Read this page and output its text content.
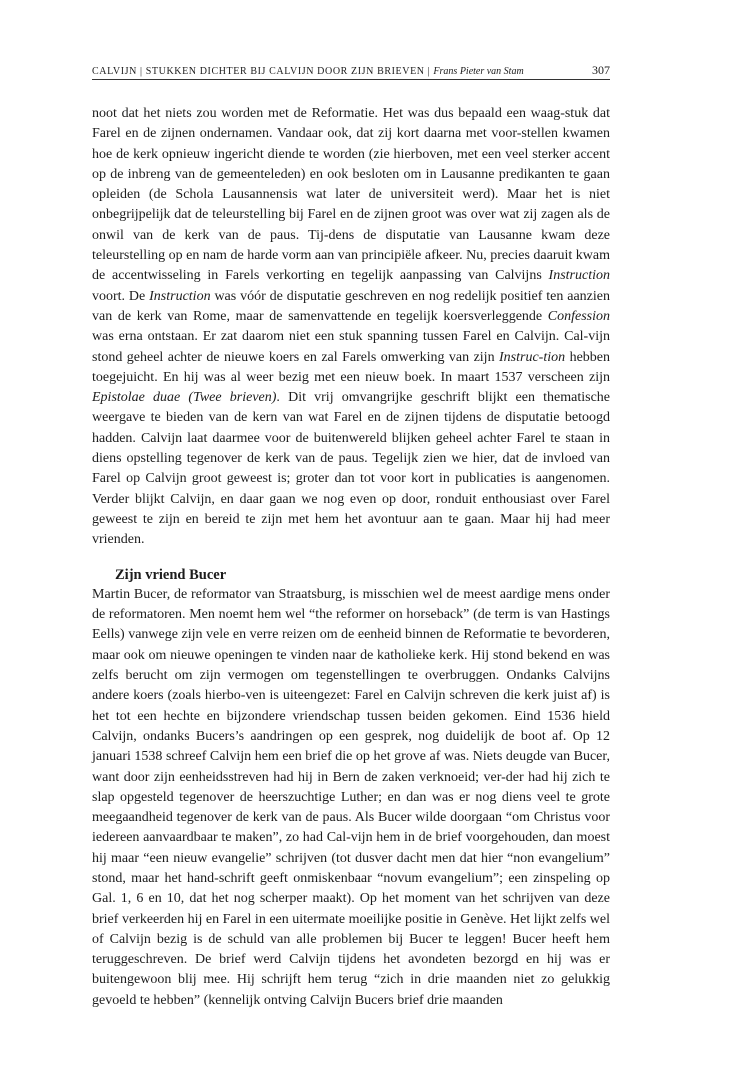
CALVIJN | STUKKEN DICHTER BIJ CALVIJN DOOR ZIJN BRIEVEN | Frans Pieter van Stam	307

noot dat het niets zou worden met de Reformatie. Het was dus bepaald een waag-stuk dat Farel en de zijnen ondernamen. Vandaar ook, dat zij kort daarna met voor-stellen kwamen hoe de kerk opnieuw ingericht diende te worden (zie hierboven, met een veel sterker accent op de inbreng van de gemeenteleden) en ook besloten om in Lausanne predikanten te gaan opleiden (de Schola Lausannensis wat later de universiteit werd). Maar het is niet onbegrijpelijk dat de teleurstelling bij Farel en de zijnen groot was over wat zij zagen als de onwil van de kerk van de paus. Tij-dens de disputatie van Lausanne kwam deze teleurstelling op en nam de harde vorm aan van principiële afkeer. Nu, precies daaruit kwam de accentwisseling in Farels verkorting en tegelijk aanpassing van Calvijns Instruction voort. De Instruction was vóór de disputatie geschreven en nog redelijk positief ten aanzien van de kerk van Rome, maar de samenvattende en tegelijk koersverleggende Confession was erna ontstaan. Er zat daarom niet een stuk spanning tussen Farel en Calvijn. Cal-vijn stond geheel achter de nieuwe koers en zal Farels omwerking van zijn Instruc-tion hebben toegejuicht. En hij was al weer bezig met een nieuw boek. In maart 1537 verscheen zijn Epistolae duae (Twee brieven). Dit vrij omvangrijke geschrift blijkt een thematische weergave te bieden van de kern van wat Farel en de zijnen tijdens de disputatie betoogd hadden. Calvijn laat daarmee voor de buitenwereld blijken geheel achter Farel te staan in diens opstelling tegenover de kerk van de paus. Tegelijk zien we hier, dat de invloed van Farel op Calvijn groot geweest is; groter dan tot voor kort in publicaties is aangenomen. Verder blijkt Calvijn, en daar gaan we nog even op door, ronduit enthousiast over Farel geweest te zijn en bereid te zijn met hem het avontuur aan te gaan. Maar hij had meer vrienden.

Zijn vriend Bucer

Martin Bucer, de reformator van Straatsburg, is misschien wel de meest aardige mens onder de reformatoren. Men noemt hem wel “the reformer on horseback” (de term is van Hastings Eells) vanwege zijn vele en verre reizen om de eenheid binnen de Reformatie te bevorderen, maar ook om nieuwe openingen te vinden naar de katholieke kerk. Hij stond bekend en was zelfs berucht om zijn vermogen om tegenstellingen te overbruggen. Ondanks Calvijns andere koers (zoals hierbo-ven is uiteengezet: Farel en Calvijn schreven die kerk juist af) is het tot een hechte en bijzondere vriendschap tussen beiden gekomen. Eind 1536 hield Calvijn, ondanks Bucers’s aandringen op een gesprek, nog duidelijk de boot af. Op 12 januari 1538 schreef Calvijn hem een brief die op het grove af was. Niets deugde van Bucer, want door zijn eenheidsstreven had hij in Bern de zaken verknoeid; ver-der had hij zich te slap opgesteld tegenover de heerszuchtige Luther; en dan was er nog diens veel te grote meegaandheid tegenover de kerk van de paus. Als Bucer wilde doorgaan “om Christus voor iedereen aanvaardbaar te maken”, zo had Cal-vijn hem in de brief voorgehouden, dan moest hij maar “een nieuw evangelie” schrijven (tot dusver dacht men dat hier “non evangelium” stond, maar het hand-schrift geeft onmiskenbaar “novum evangelium”; een zinspeling op Gal. 1, 6 en 10, dat het nog scherper maakt). Op het moment van het schrijven van deze brief verkeerden hij en Farel in een uitermate moeilijke positie in Genève. Het lijkt zelfs wel of Calvijn bezig is de schuld van alle problemen bij Bucer te leggen! Bucer heeft hem teruggeschreven. De brief werd Calvijn tijdens het avondeten bezorgd en hij was er buitengewoon blij mee. Hij schrijft hem terug “zich in drie maanden niet zo gelukkig gevoeld te hebben” (kennelijk ontving Calvijn Bucers brief drie maanden
